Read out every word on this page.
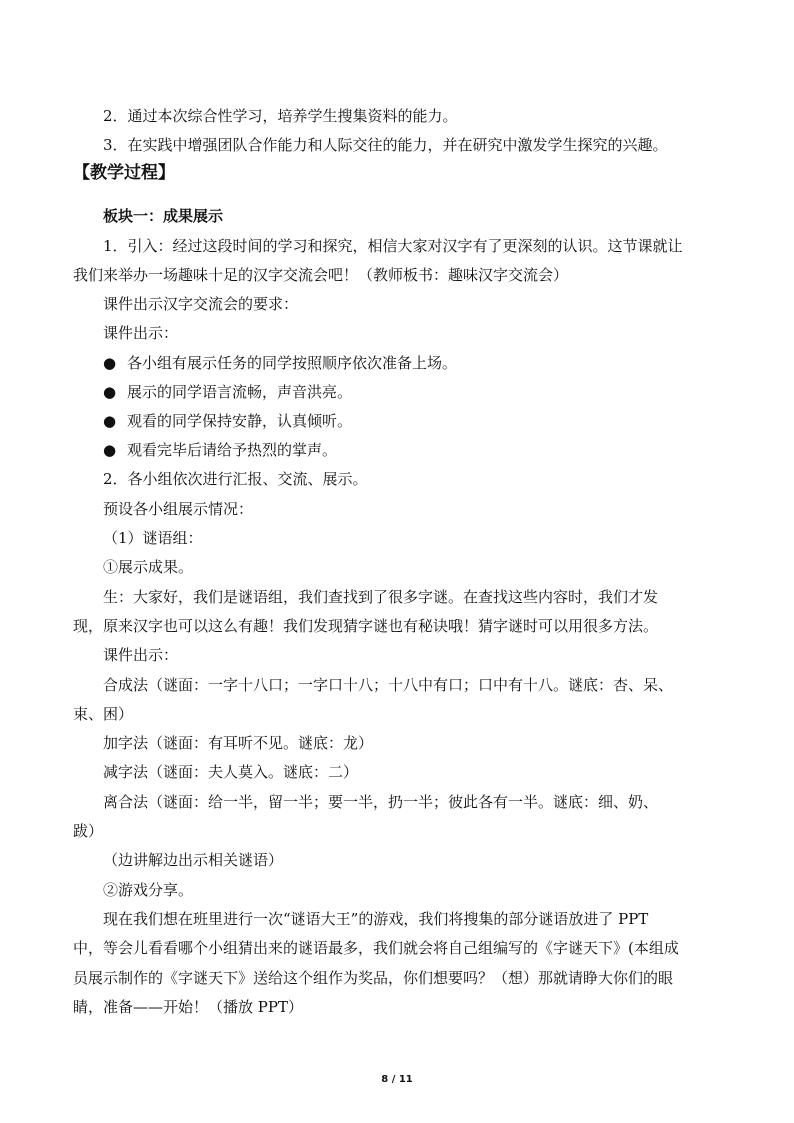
2．通过本次综合性学习，培养学生搜集资料的能力。

3．在实践中增强团队合作能力和人际交往的能力，并在研究中激发学生探究的兴趣。

【教学过程】

板块一：成果展示

1．引入：经过这段时间的学习和探究，相信大家对汉字有了更深刻的认识。这节课就让

我们来举办一场趣味十足的汉字交流会吧！（教师板书：趣味汉字交流会）

课件出示汉字交流会的要求：

课件出示：

● 各小组有展示任务的同学按照顺序依次准备上场。

● 展示的同学语言流畅，声音洪亮。

● 观看的同学保持安静，认真倾听。

● 观看完毕后请给予热烈的掌声。

2．各小组依次进行汇报、交流、展示。

预设各小组展示情况：

（1）谜语组：

①展示成果。

生：大家好，我们是谜语组，我们查找到了很多字谜。在查找这些内容时，我们才发

现，原来汉字也可以这么有趣！我们发现猜字谜也有秘诀哦！猜字谜时可以用很多方法。

课件出示：

合成法（谜面：一字十八口；一字口十八；十八中有口；口中有十八。谜底：杏、呆、

束、困）

加字法（谜面：有耳听不见。谜底：龙）

减字法（谜面：夫人莫入。谜底：二）

离合法（谜面：给一半，留一半；要一半，扔一半；彼此各有一半。谜底：细、奶、

跋）

（边讲解边出示相关谜语）

②游戏分享。

现在我们想在班里进行一次“谜语大王”的游戏，我们将搜集的部分谜语放进了 PPT

中，等会儿看看哪个小组猜出来的谜语最多，我们就会将自己组编写的《字谜天下》(本组成

员展示制作的《字谜天下》送给这个组作为奖品，你们想要吗？（想）那就请睁大你们的眼

睛，准备——开始！（播放 PPT）

8 / 11
